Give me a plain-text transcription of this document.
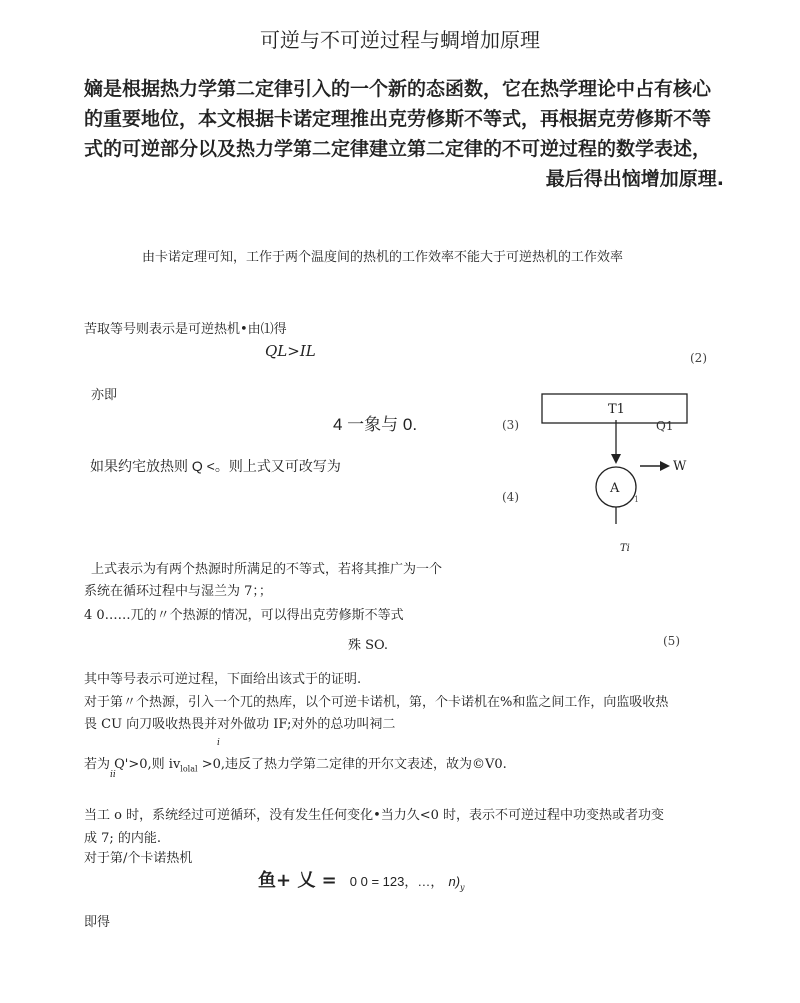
可逆与不可逆过程与蜩增加原理
嫡是根据热力学第二定律引入的一个新的态函数，它在热学理论中占有核心
的重要地位，本文根据卡诺定理推出克劳修斯不等式，再根据克劳修斯不等
式的可逆部分以及热力学第二定律建立第二定律的不可逆过程的数学表述，
最后得出恼增加原理.
由卡诺定理可知，工作于两个温度间的热机的工作效率不能大于可逆热机的工作效率
苦取等号则表示是可逆热机•由⑴得
QL>IL	(2)
亦即
4 一象与 0.	(3)
如果约宅放热则 Q <。则上式又可改写为
(4)
T1
Q1
A
1
W
Ti
上式表示为有两个热源时所满足的不等式，若将其推广为一个
系统在循环过程中与湿兰为 7；；
4 0……兀的〃个热源的情况，可以得出克劳修斯不等式
殊 SO.	(5)
其中等号表示可逆过程，下面给出该式于的证明.
对于第〃个热源，引入一个兀的热库，以个可逆卡诺机，第，个卡诺机在%和监之间工作，向监吸收热
畏 CU 向刀吸收热畏并对外做功 IF;对外的总功叫祠二
i
若为 Q'>0,则 $iv_{lolal} >0$,违反了热力学第二定律的开尔文表述，故为©V0.
ii
当工 o 时，系统经过可逆循环，没有发生任何变化•当力久<0 时，表示不可逆过程中功变热或者功变
成 7; 的内能.
对于第/个卡诺热机
鱼+ 乂 = 0 0 = 123，…， $n)_y$
即得
